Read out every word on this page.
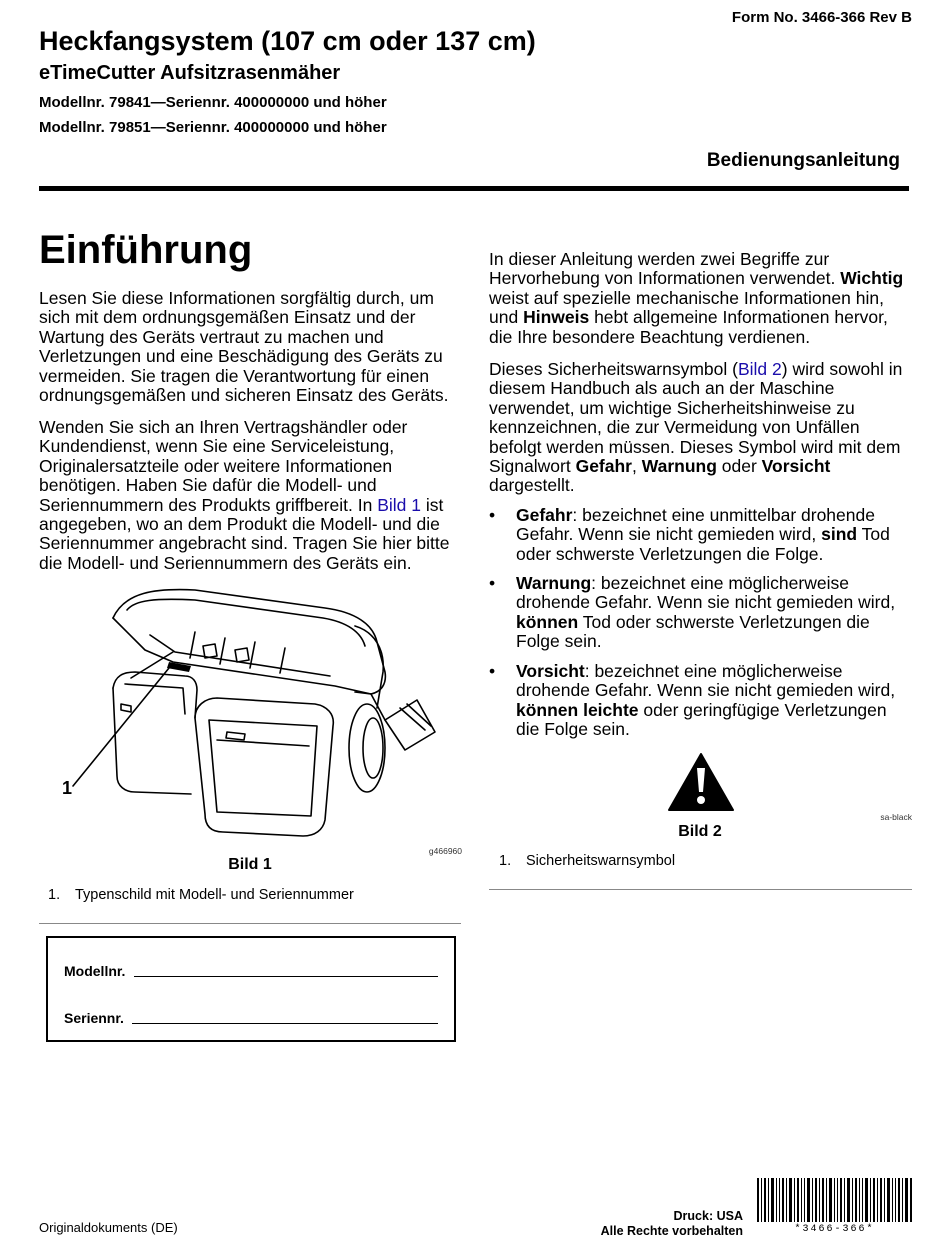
Form No. 3466-366 Rev B
Heckfangsystem (107 cm oder 137 cm)
eTimeCutter Aufsitzrasenmäher
Modellnr. 79841—Seriennr. 400000000 und höher
Modellnr. 79851—Seriennr. 400000000 und höher
Bedienungsanleitung
Einführung
Lesen Sie diese Informationen sorgfältig durch, um sich mit dem ordnungsgemäßen Einsatz und der Wartung des Geräts vertraut zu machen und Verletzungen und eine Beschädigung des Geräts zu vermeiden. Sie tragen die Verantwortung für einen ordnungsgemäßen und sicheren Einsatz des Geräts.
Wenden Sie sich an Ihren Vertragshändler oder Kundendienst, wenn Sie eine Serviceleistung, Originalersatzteile oder weitere Informationen benötigen. Haben Sie dafür die Modell- und Seriennummern des Produkts griffbereit. In Bild 1 ist angegeben, wo an dem Produkt die Modell- und die Seriennummer angebracht sind. Tragen Sie hier bitte die Modell- und Seriennummern des Geräts ein.
1
g466960
Bild 1
1. Typenschild mit Modell- und Seriennummer
Modellnr.
Seriennr.
In dieser Anleitung werden zwei Begriffe zur Hervorhebung von Informationen verwendet. Wichtig weist auf spezielle mechanische Informationen hin, und Hinweis hebt allgemeine Informationen hervor, die Ihre besondere Beachtung verdienen.
Dieses Sicherheitswarnsymbol (Bild 2) wird sowohl in diesem Handbuch als auch an der Maschine verwendet, um wichtige Sicherheitshinweise zu kennzeichnen, die zur Vermeidung von Unfällen befolgt werden müssen. Dieses Symbol wird mit dem Signalwort Gefahr, Warnung oder Vorsicht dargestellt.
• Gefahr: bezeichnet eine unmittelbar drohende Gefahr. Wenn sie nicht gemieden wird, sind Tod oder schwerste Verletzungen die Folge.
• Warnung: bezeichnet eine möglicherweise drohende Gefahr. Wenn sie nicht gemieden wird, können Tod oder schwerste Verletzungen die Folge sein.
• Vorsicht: bezeichnet eine möglicherweise drohende Gefahr. Wenn sie nicht gemieden wird, können leichte oder geringfügige Verletzungen die Folge sein.
sa-black
Bild 2
1. Sicherheitswarnsymbol
Originaldokuments (DE)
Druck: USA
Alle Rechte vorbehalten	*3466-366*
